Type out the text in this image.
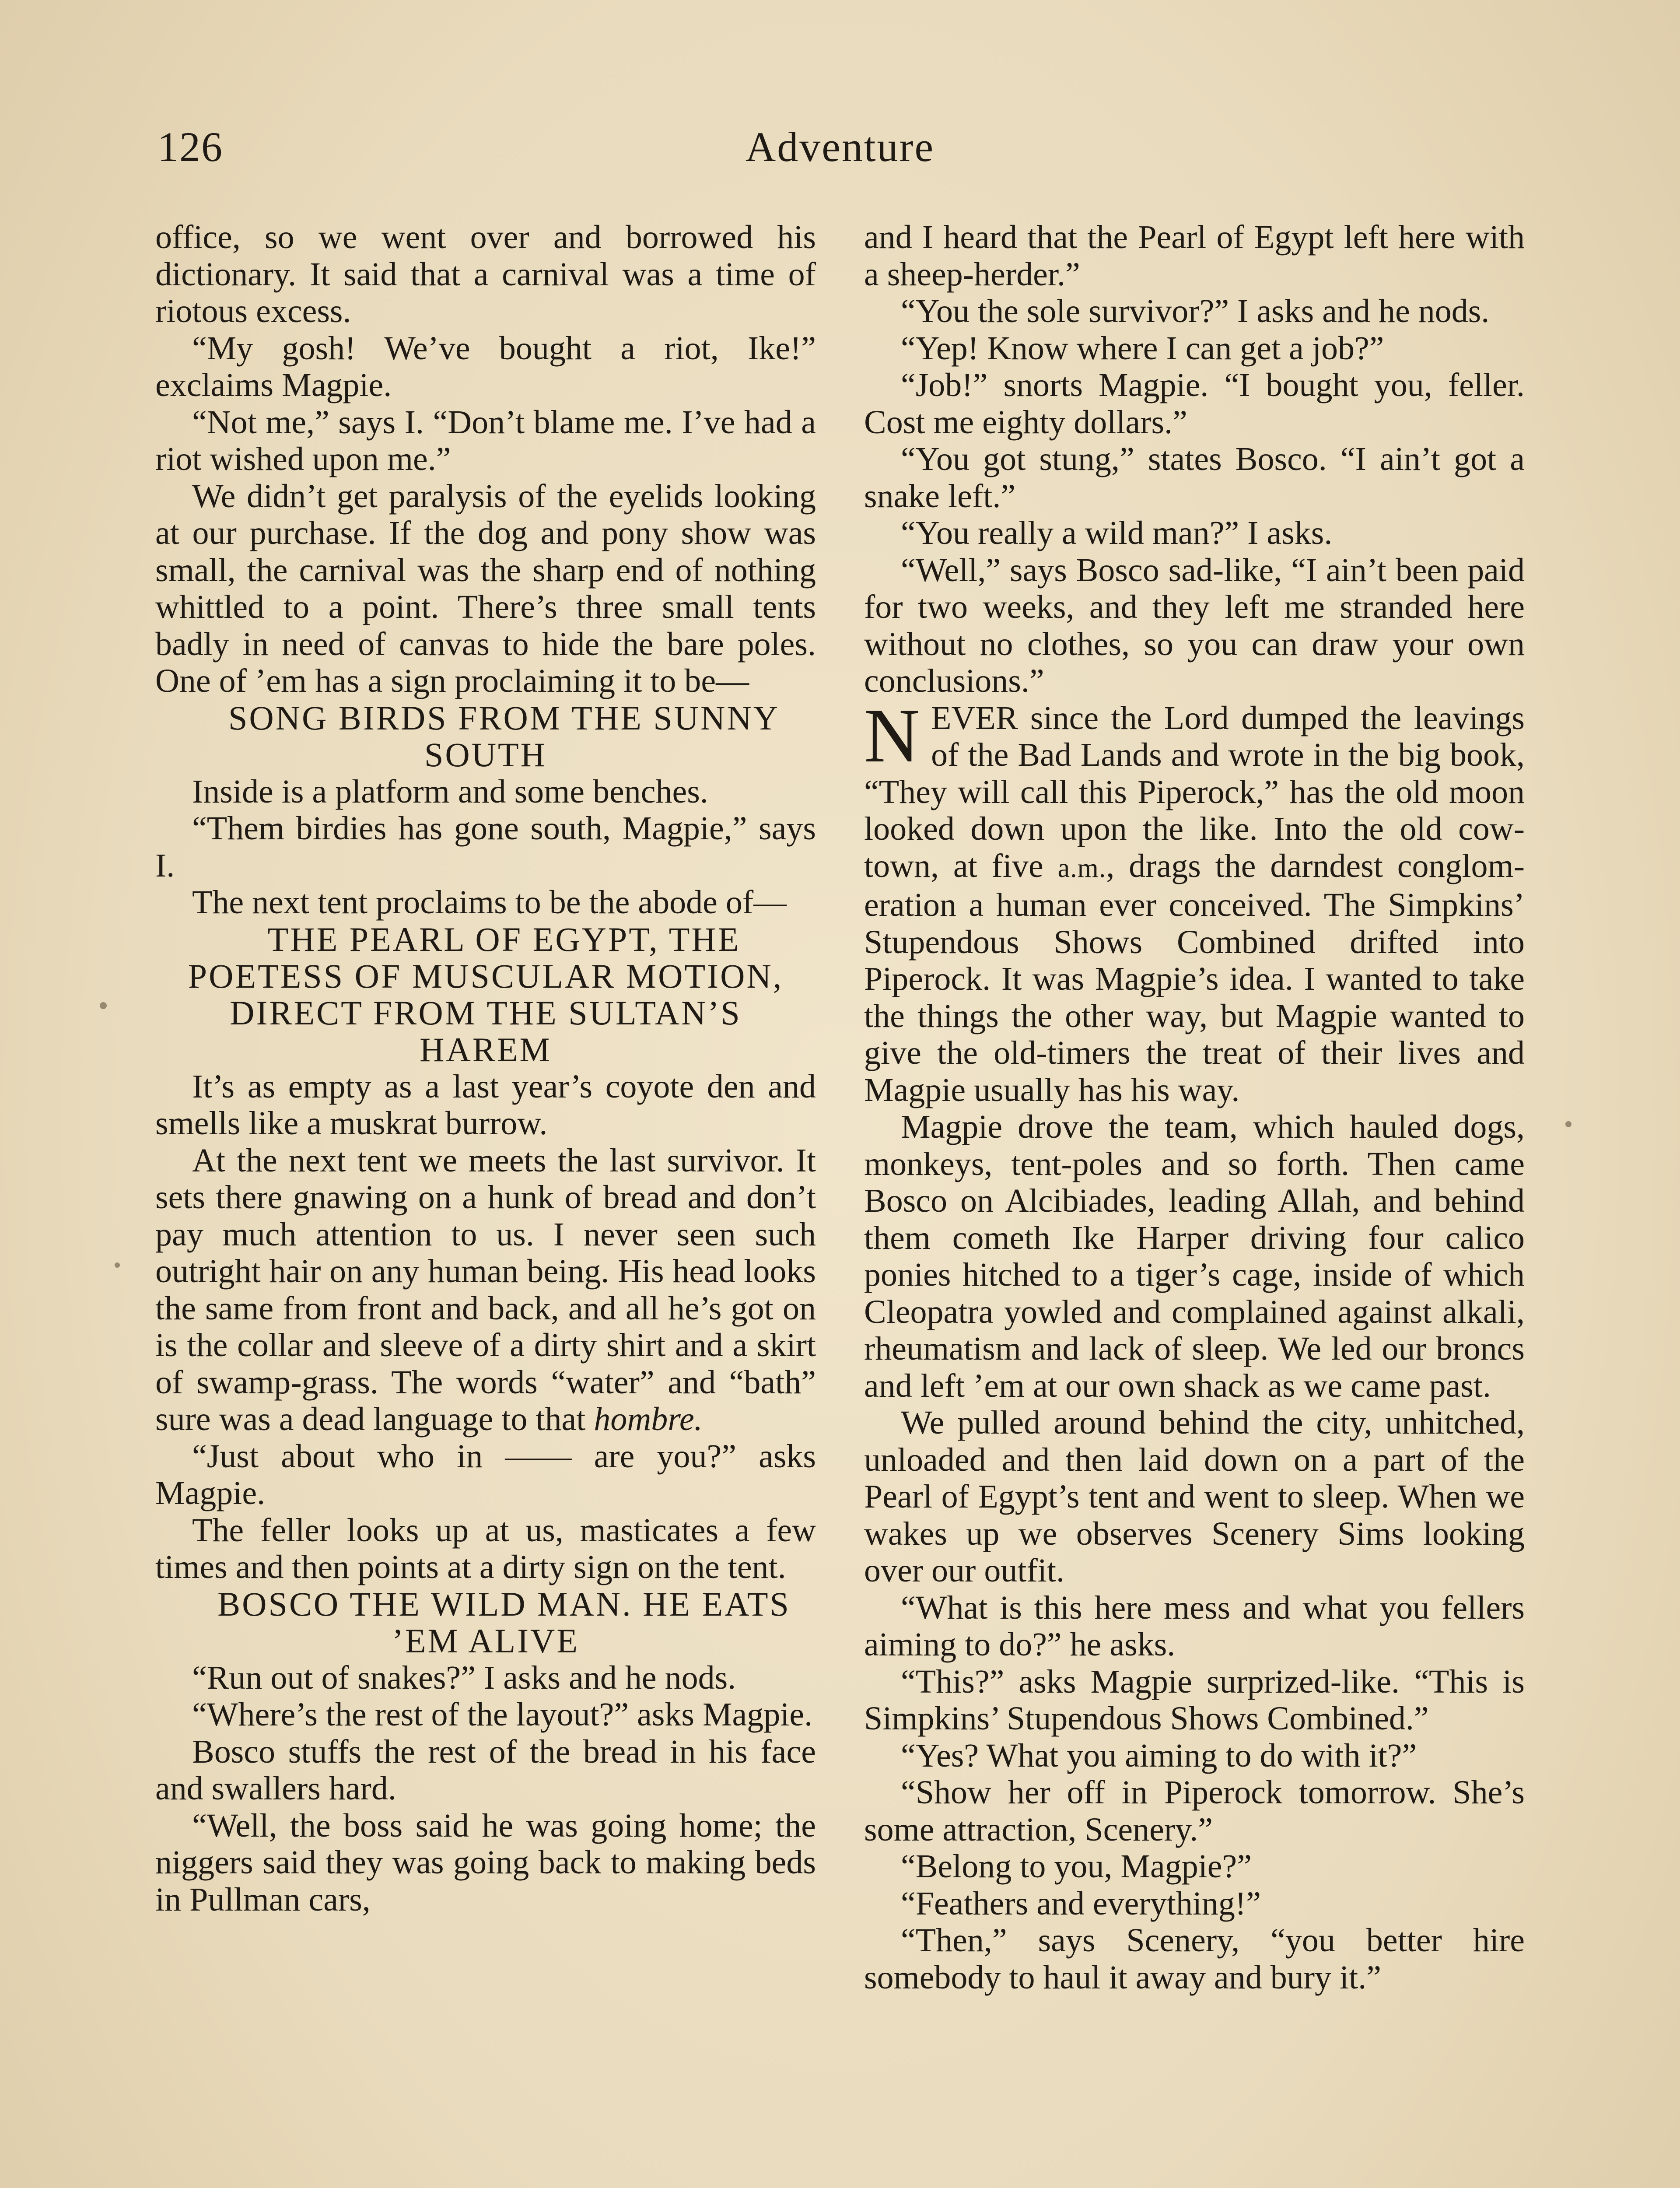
126	Adventure

office, so we went over and borrowed his dictionary. It said that a carnival was a time of riotous excess.

“My gosh! We’ve bought a riot, Ike!” exclaims Magpie.

“Not me,” says I. “Don’t blame me. I’ve had a riot wished upon me.”

We didn’t get paralysis of the eyelids looking at our purchase. If the dog and pony show was small, the carnival was the sharp end of nothing whittled to a point. There’s three small tents badly in need of canvas to hide the bare poles. One of ’em has a sign proclaiming it to be—

SONG BIRDS FROM THE SUNNY SOUTH

Inside is a platform and some benches.

“Them birdies has gone south, Magpie,” says I.

The next tent proclaims to be the abode of—

THE PEARL OF EGYPT, THE POETESS OF MUSCULAR MOTION, DIRECT FROM THE SULTAN’S HAREM

It’s as empty as a last year’s coyote den and smells like a muskrat burrow.

At the next tent we meets the last survivor. It sets there gnawing on a hunk of bread and don’t pay much attention to us. I never seen such outright hair on any human being. His head looks the same from front and back, and all he’s got on is the collar and sleeve of a dirty shirt and a skirt of swamp-grass. The words “water” and “bath” sure was a dead language to that hombre.

“Just about who in —— are you?” asks Magpie.

The feller looks up at us, masticates a few times and then points at a dirty sign on the tent.

BOSCO THE WILD MAN. HE EATS ’EM ALIVE

“Run out of snakes?” I asks and he nods.

“Where’s the rest of the layout?” asks Magpie.

Bosco stuffs the rest of the bread in his face and swallers hard.

“Well, the boss said he was going home; the niggers said they was going back to making beds in Pullman cars,

and I heard that the Pearl of Egypt left here with a sheep-herder.”

“You the sole survivor?” I asks and he nods.

“Yep! Know where I can get a job?”

“Job!” snorts Magpie. “I bought you, feller. Cost me eighty dollars.”

“You got stung,” states Bosco. “I ain’t got a snake left.”

“You really a wild man?” I asks.

“Well,” says Bosco sad-like, “I ain’t been paid for two weeks, and they left me stranded here without no clothes, so you can draw your own conclusions.”

NEVER since the Lord dumped the leavings of the Bad Lands and wrote in the big book, “They will call this Piperock,” has the old moon looked down upon the like. Into the old cow-town, at five a.m., drags the darndest conglomeration a human ever conceived. The Simpkins’ Stupendous Shows Combined drifted into Piperock. It was Magpie’s idea. I wanted to take the things the other way, but Magpie wanted to give the old-timers the treat of their lives and Magpie usually has his way.

Magpie drove the team, which hauled dogs, monkeys, tent-poles and so forth. Then came Bosco on Alcibiades, leading Allah, and behind them cometh Ike Harper driving four calico ponies hitched to a tiger’s cage, inside of which Cleopatra yowled and complained against alkali, rheumatism and lack of sleep. We led our broncs and left ’em at our own shack as we came past.

We pulled around behind the city, unhitched, unloaded and then laid down on a part of the Pearl of Egypt’s tent and went to sleep. When we wakes up we observes Scenery Sims looking over our outfit.

“What is this here mess and what you fellers aiming to do?” he asks.

“This?” asks Magpie surprized-like. “This is Simpkins’ Stupendous Shows Combined.”

“Yes? What you aiming to do with it?”

“Show her off in Piperock tomorrow. She’s some attraction, Scenery.”

“Belong to you, Magpie?”

“Feathers and everything!”

“Then,” says Scenery, “you better hire somebody to haul it away and bury it.”
